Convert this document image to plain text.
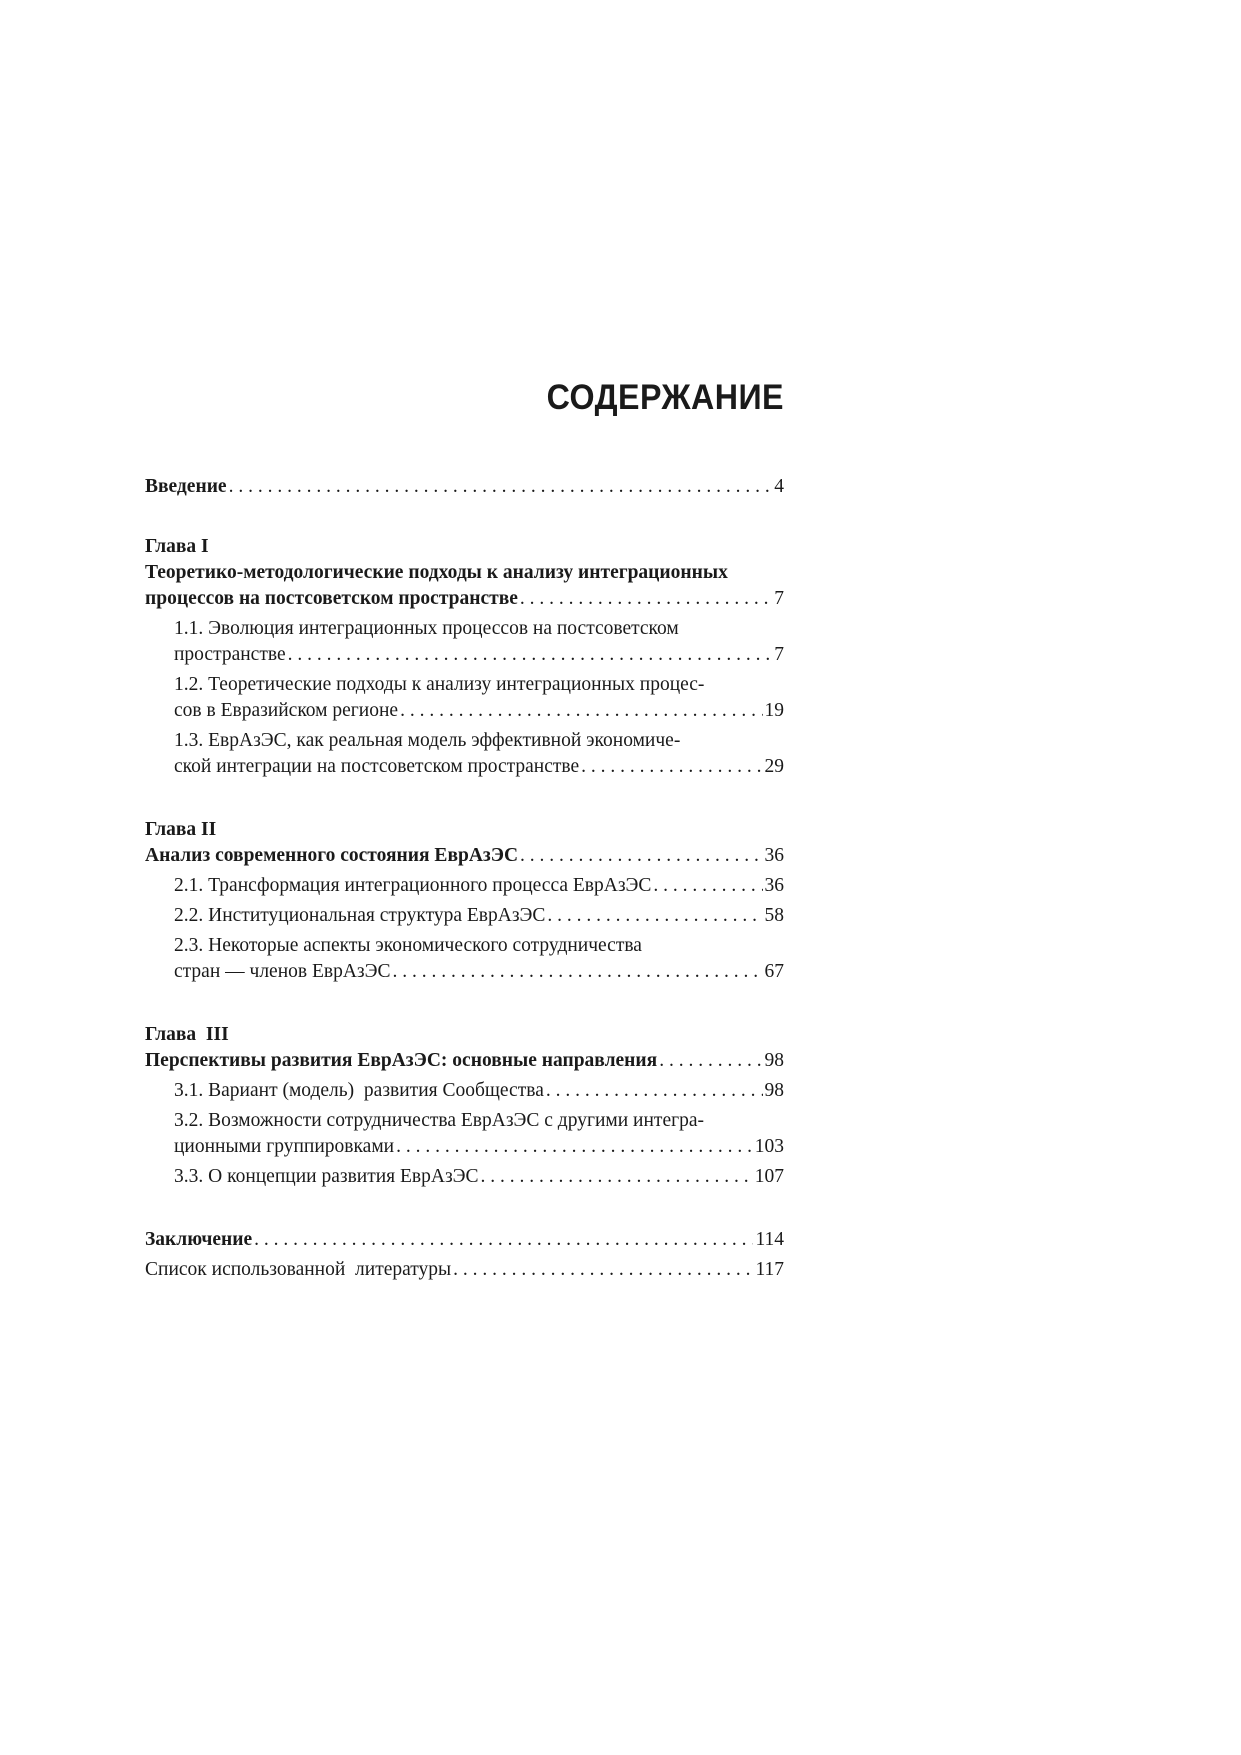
СОДЕРЖАНИЕ
Введение . . .	4
Глава I
Теоретико-методологические подходы к анализу интеграционных
процессов на постсоветском пространстве . . .	7
1.1. Эволюция интеграционных процессов на постсоветском
пространстве . . .	7
1.2. Теоретические подходы к анализу интеграционных процес-
сов в Евразийском регионе . . .	19
1.3. ЕврАзЭС, как реальная модель эффективной экономиче-
ской интеграции на постсоветском пространстве . . .	29
Глава II
Анализ современного состояния ЕврАзЭС . . .	36
2.1. Трансформация интеграционного процесса ЕврАзЭС . . .	36
2.2. Институциональная структура ЕврАзЭС . . .	58
2.3. Некоторые аспекты экономического сотрудничества
стран — членов ЕврАзЭС . . .	67
Глава  III
Перспективы развития ЕврАзЭС: основные направления . . .	98
3.1. Вариант (модель)  развития Сообщества . . .	98
3.2. Возможности сотрудничества ЕврАзЭС с другими интегра-
ционными группировками . . .	103
3.3. О концепции развития ЕврАзЭС . . .	107
Заключение . . .	114
Список использованной  литературы . . .	117
